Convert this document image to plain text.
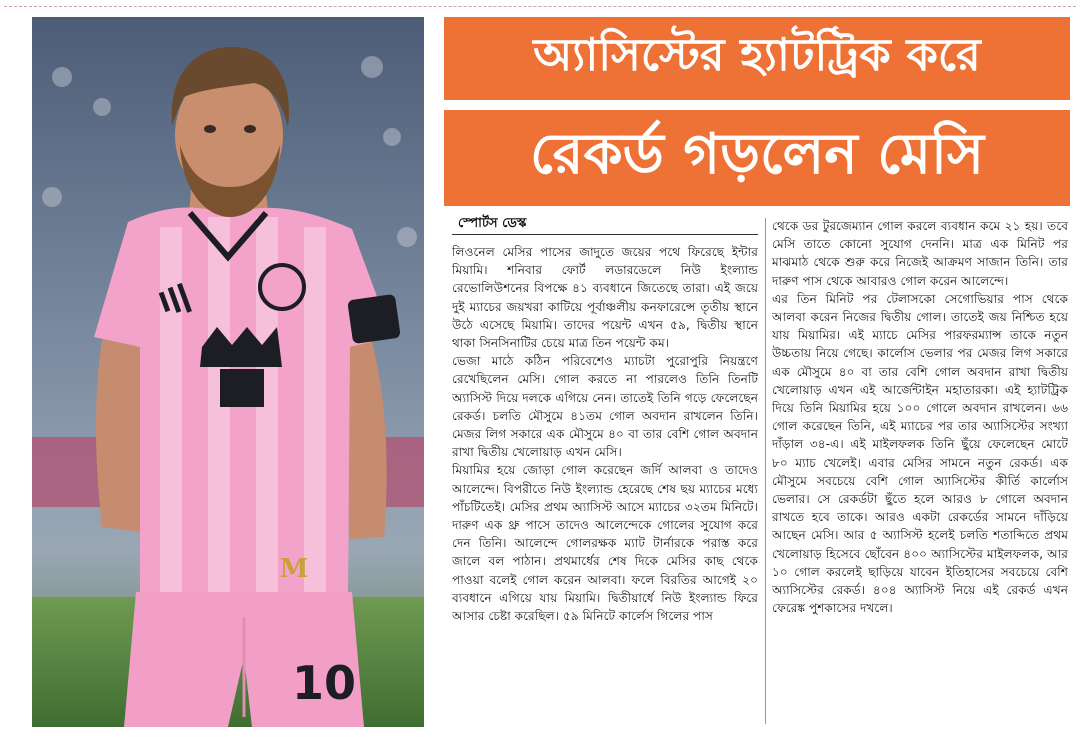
10
M
অ্যাসিস্টের হ্যাটট্রিক করে
রেকর্ড গড়লেন মেসি
স্পোর্টস ডেস্ক

লিওনেল মেসির পাসের জাদুতে জয়ের পথে ফিরেছে ইন্টার মিয়ামি। শনিবার ফোর্ট লডারডেলে নিউ ইংল্যান্ড রেভোলিউশনের বিপক্ষে ৪১ ব্যবধানে জিতেছে তারা। এই জয়ে দুই ম্যাচের জয়খরা কাটিয়ে পূর্বাঞ্চলীয় কনফারেন্সে তৃতীয় স্থানে উঠে এসেছে মিয়ামি। তাদের পয়েন্ট এখন ৫৯, দ্বিতীয় স্থানে থাকা সিনসিনাটির চেয়ে মাত্র তিন পয়েন্ট কম।

ভেজা মাঠে কঠিন পরিবেশেও ম্যাচটা পুরোপুরি নিয়ন্ত্রণে রেখেছিলেন মেসি। গোল করতে না পারলেও তিনি তিনটি অ্যাসিস্ট দিয়ে দলকে এগিয়ে নেন। তাতেই তিনি গড়ে ফেলেছেন রেকর্ড। চলতি মৌসুমে ৪১তম গোল অবদান রাখলেন তিনি। মেজর লিগ সকারে এক মৌসুমে ৪০ বা তার বেশি গোল অবদান রাখা দ্বিতীয় খেলোয়াড় এখন মেসি।

মিয়ামির হয়ে জোড়া গোল করেছেন জর্দি আলবা ও তাদেও আলেন্দে। বিপরীতে নিউ ইংল্যান্ড হেরেছে শেষ ছয় ম্যাচের মধ্যে পাঁচটিতেই। মেসির প্রথম অ্যাসিস্ট আসে ম্যাচের ৩২তম মিনিটে। দারুণ এক থ্রু পাসে তাদেও আলেন্দেকে গোলের সুযোগ করে দেন তিনি। আলেন্দে গোলরক্ষক ম্যাট টার্নারকে পরাস্ত করে জালে বল পাঠান। প্রথমার্ধের শেষ দিকে মেসির কাছ থেকে পাওয়া বলেই গোল করেন আলবা। ফলে বিরতির আগেই ২০ ব্যবধানে এগিয়ে যায় মিয়ামি। দ্বিতীয়ার্ধে নিউ ইংল্যান্ড ফিরে আসার চেষ্টা করেছিল। ৫৯ মিনিটে কার্লেস গিলের পাস

থেকে ডর টুরজেম্যান গোল করলে ব্যবধান কমে ২১ হয়। তবে মেসি তাতে কোনো সুযোগ দেননি। মাত্র এক মিনিট পর মাঝমাঠ থেকে শুরু করে নিজেই আক্রমণ সাজান তিনি। তার দারুণ পাস থেকে আবারও গোল করেন আলেন্দে।

এর তিন মিনিট পর টেলাসকো সেগোভিয়ার পাস থেকে আলবা করেন নিজের দ্বিতীয় গোল। তাতেই জয় নিশ্চিত হয়ে যায় মিয়ামির। এই ম্যাচে মেসির পারফরম্যান্স তাকে নতুন উচ্চতায় নিয়ে গেছে। কার্লোস ভেলার পর মেজর লিগ সকারে এক মৌসুমে ৪০ বা তার বেশি গোল অবদান রাখা দ্বিতীয় খেলোয়াড় এখন এই আর্জেন্টাইন মহাতারকা। এই হ্যাটট্রিক দিয়ে তিনি মিয়ামির হয়ে ১০০ গোলে অবদান রাখলেন। ৬৬ গোল করেছেন তিনি, এই ম্যাচের পর তার অ্যাসিস্টের সংখ্যা দাঁড়াল ৩৪-এ। এই মাইলফলক তিনি ছুঁয়ে ফেলেছেন মোটে ৮০ ম্যাচ খেলেই। এবার মেসির সামনে নতুন রেকর্ড। এক মৌসুমে সবচেয়ে বেশি গোল অ্যাসিস্টের কীর্তি কার্লোস ভেলার। সে রেকর্ডটা ছুঁতে হলে আরও ৮ গোলে অবদান রাখতে হবে তাকে। আরও একটা রেকর্ডের সামনে দাঁড়িয়ে আছেন মেসি। আর ৫ অ্যাসিস্ট হলেই চলতি শতাব্দিতে প্রথম খেলোয়াড় হিসেবে ছোঁবেন ৪০০ অ্যাসিস্টের মাইলফলক, আর ১০ গোল করলেই ছাড়িয়ে যাবেন ইতিহাসের সবচেয়ে বেশি অ্যাসিস্টের রেকর্ড। ৪০৪ অ্যাসিস্ট নিয়ে এই রেকর্ড এখন ফেরেঙ্ক পুশকাসের দখলে।
